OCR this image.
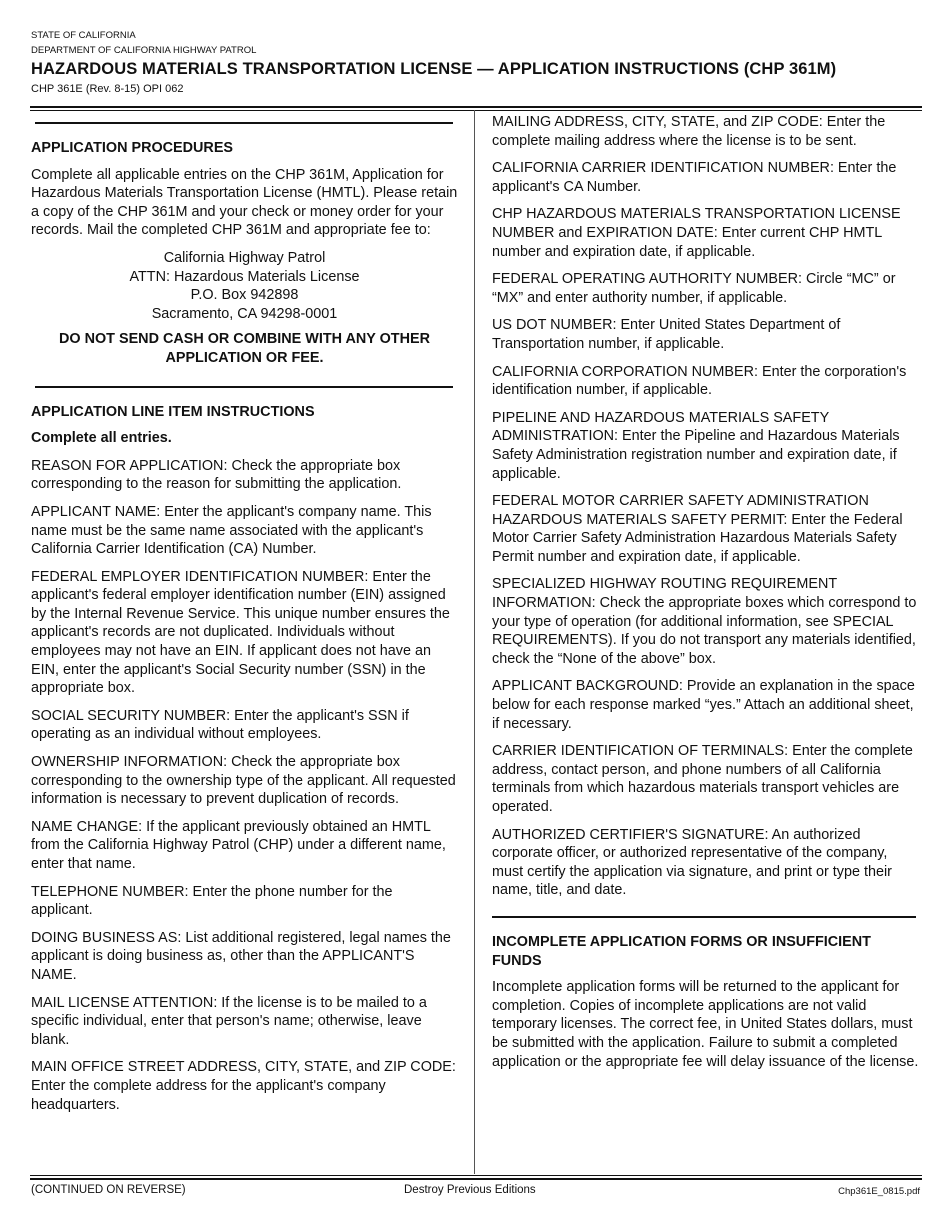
STATE OF CALIFORNIA
DEPARTMENT OF CALIFORNIA HIGHWAY PATROL
HAZARDOUS MATERIALS TRANSPORTATION LICENSE — APPLICATION INSTRUCTIONS (CHP 361M)
CHP 361E (Rev. 8-15) OPI 062
APPLICATION PROCEDURES

Complete all applicable entries on the CHP 361M, Application for Hazardous Materials Transportation License (HMTL). Please retain a copy of the CHP 361M and your check or money order for your records. Mail the completed CHP 361M and appropriate fee to:

California Highway Patrol
ATTN: Hazardous Materials License
P.O. Box 942898
Sacramento, CA 94298-0001
DO NOT SEND CASH OR COMBINE WITH ANY OTHER APPLICATION OR FEE.
APPLICATION LINE ITEM INSTRUCTIONS
Complete all entries.

REASON FOR APPLICATION: Check the appropriate box corresponding to the reason for submitting the application.

APPLICANT NAME: Enter the applicant's company name. This name must be the same name associated with the applicant's California Carrier Identification (CA) Number.

FEDERAL EMPLOYER IDENTIFICATION NUMBER: Enter the applicant's federal employer identification number (EIN) assigned by the Internal Revenue Service. This unique number ensures the applicant's records are not duplicated. Individuals without employees may not have an EIN. If applicant does not have an EIN, enter the applicant's Social Security number (SSN) in the appropriate box.

SOCIAL SECURITY NUMBER: Enter the applicant's SSN if operating as an individual without employees.

OWNERSHIP INFORMATION: Check the appropriate box corresponding to the ownership type of the applicant. All requested information is necessary to prevent duplication of records.

NAME CHANGE: If the applicant previously obtained an HMTL from the California Highway Patrol (CHP) under a different name, enter that name.

TELEPHONE NUMBER: Enter the phone number for the applicant.

DOING BUSINESS AS: List additional registered, legal names the applicant is doing business as, other than the APPLICANT'S NAME.

MAIL LICENSE ATTENTION: If the license is to be mailed to a specific individual, enter that person's name; otherwise, leave blank.

MAIN OFFICE STREET ADDRESS, CITY, STATE, and ZIP CODE: Enter the complete address for the applicant's company headquarters.

MAILING ADDRESS, CITY, STATE, and ZIP CODE: Enter the complete mailing address where the license is to be sent.

CALIFORNIA CARRIER IDENTIFICATION NUMBER: Enter the applicant's CA Number.

CHP HAZARDOUS MATERIALS TRANSPORTATION LICENSE NUMBER and EXPIRATION DATE: Enter current CHP HMTL number and expiration date, if applicable.

FEDERAL OPERATING AUTHORITY NUMBER: Circle “MC” or “MX” and enter authority number, if applicable.

US DOT NUMBER: Enter United States Department of Transportation number, if applicable.

CALIFORNIA CORPORATION NUMBER: Enter the corporation's identification number, if applicable.

PIPELINE AND HAZARDOUS MATERIALS SAFETY ADMINISTRATION: Enter the Pipeline and Hazardous Materials Safety Administration registration number and expiration date, if applicable.

FEDERAL MOTOR CARRIER SAFETY ADMINISTRATION HAZARDOUS MATERIALS SAFETY PERMIT: Enter the Federal Motor Carrier Safety Administration Hazardous Materials Safety Permit number and expiration date, if applicable.

SPECIALIZED HIGHWAY ROUTING REQUIREMENT INFORMATION: Check the appropriate boxes which correspond to your type of operation (for additional information, see SPECIAL REQUIREMENTS). If you do not transport any materials identified, check the “None of the above” box.

APPLICANT BACKGROUND: Provide an explanation in the space below for each response marked “yes.” Attach an additional sheet, if necessary.

CARRIER IDENTIFICATION OF TERMINALS: Enter the complete address, contact person, and phone numbers of all California terminals from which hazardous materials transport vehicles are operated.

AUTHORIZED CERTIFIER'S SIGNATURE: An authorized corporate officer, or authorized representative of the company, must certify the application via signature, and print or type their name, title, and date.

INCOMPLETE APPLICATION FORMS OR INSUFFICIENT FUNDS

Incomplete application forms will be returned to the applicant for completion. Copies of incomplete applications are not valid temporary licenses. The correct fee, in United States dollars, must be submitted with the application. Failure to submit a completed application or the appropriate fee will delay issuance of the license.

(CONTINUED ON REVERSE)	Destroy Previous Editions	Chp361E_0815.pdf
